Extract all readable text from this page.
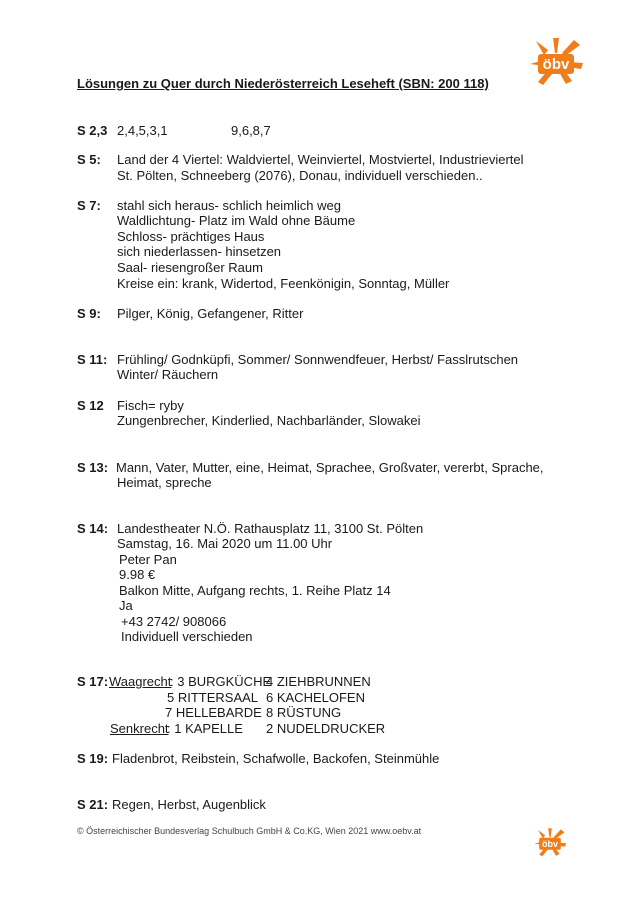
öbv
Lösungen zu Quer durch Niederösterreich Leseheft (SBN: 200 118)
S 2,3 2,4,5,3,1	9,6,8,7
S 5: Land der 4 Viertel: Waldviertel, Weinviertel, Mostviertel, Industrieviertel
St. Pölten, Schneeberg (2076), Donau, individuell verschieden..
S 7: stahl sich heraus- schlich heimlich weg
Waldlichtung- Platz im Wald ohne Bäume
Schloss- prächtiges Haus
sich niederlassen- hinsetzen
Saal- riesengroßer Raum
Kreise ein: krank, Widertod, Feenkönigin, Sonntag, Müller
S 9: Pilger, König, Gefangener, Ritter
S 11: Frühling/ Godnküpfi, Sommer/ Sonnwendfeuer, Herbst/ Fasslrutschen
Winter/ Räuchern
S 12 Fisch= ryby
Zungenbrecher, Kinderlied, Nachbarländer, Slowakei
S 13: Mann, Vater, Mutter, eine, Heimat, Sprachee, Großvater, vererbt, Sprache,
Heimat, spreche
S 14: Landestheater N.Ö. Rathausplatz 11, 3100 St. Pölten
Samstag, 16. Mai 2020 um 11.00 Uhr
Peter Pan
9.98 €
Balkon Mitte, Aufgang rechts, 1. Reihe Platz 14
Ja
+43 2742/ 908066
Individuell verschieden
S 17: Waagrecht
: 3 BURGKÜCHE
4 ZIEHBRUNNEN
5 RITTERSAAL 6 KACHELOFEN
7 HELLEBARDE 8 RÜSTUNG
Senkrecht
: 1 KAPELLE 2 NUDELDRUCKER
S 19: Fladenbrot, Reibstein, Schafwolle, Backofen, Steinmühle
S 21: Regen, Herbst, Augenblick
© Österreichischer Bundesverlag Schulbuch GmbH & Co.KG, Wien 2021 www.oebv.at
öbv
